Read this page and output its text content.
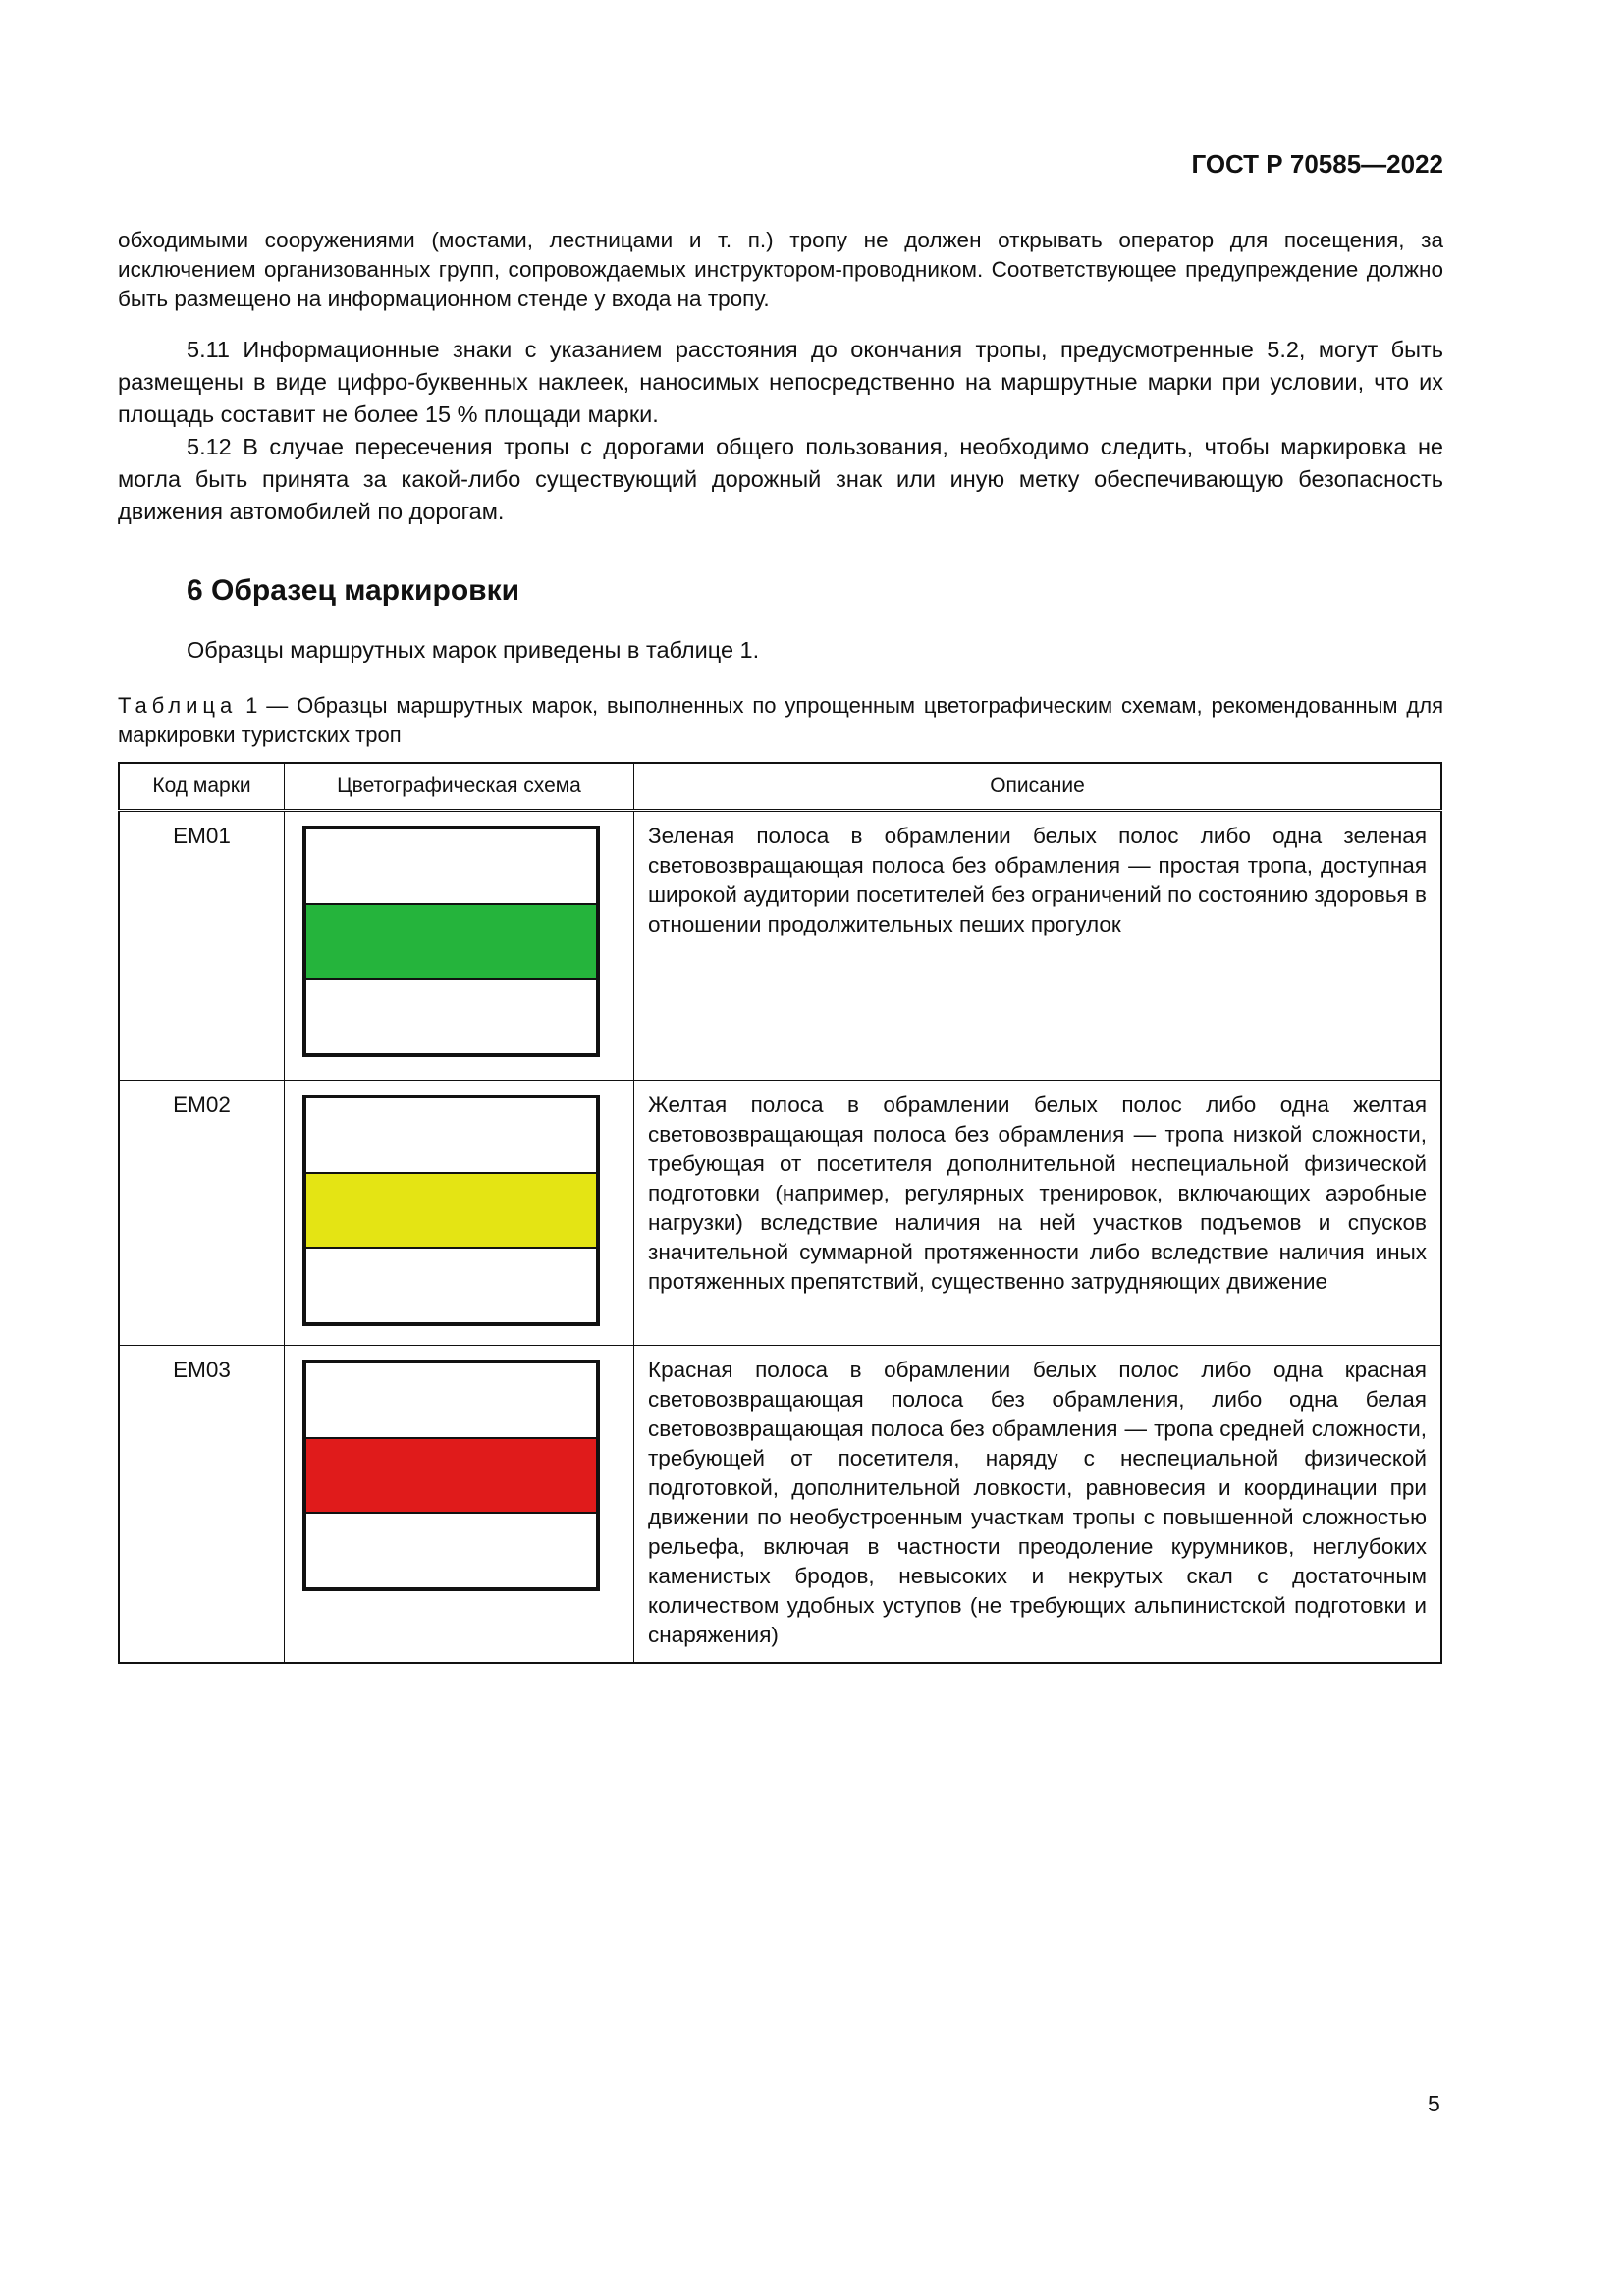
ГОСТ Р 70585—2022
обходимыми сооружениями (мостами, лестницами и т. п.) тропу не должен открывать оператор для посещения, за исключением организованных групп, сопровождаемых инструктором-проводником. Соответствующее предупреждение должно быть размещено на информационном стенде у входа на тропу.
5.11 Информационные знаки с указанием расстояния до окончания тропы, предусмотренные 5.2, могут быть размещены в виде цифро-буквенных наклеек, наносимых непосредственно на маршрутные марки при условии, что их площадь составит не более 15 % площади марки.
5.12 В случае пересечения тропы с дорогами общего пользования, необходимо следить, чтобы маркировка не могла быть принята за какой-либо существующий дорожный знак или иную метку обеспечивающую безопасность движения автомобилей по дорогам.
6 Образец маркировки
Образцы маршрутных марок приведены в таблице 1.
Таблица 1 — Образцы маршрутных марок, выполненных по упрощенным цветографическим схемам, рекомендованным для маркировки туристских троп
Код марки	Цветографическая схема	Описание
ЕМ01		Зеленая полоса в обрамлении белых полос либо одна зеленая световозвращающая полоса без обрамления — простая тропа, доступная широкой аудитории посетителей без ограничений по состоянию здоровья в отношении продолжительных пеших прогулок
ЕМ02		Желтая полоса в обрамлении белых полос либо одна желтая световозвращающая полоса без обрамления — тропа низкой сложности, требующая от посетителя дополнительной неспециальной физической подготовки (например, регулярных тренировок, включающих аэробные нагрузки) вследствие наличия на ней участков подъемов и спусков значительной суммарной протяженности либо вследствие наличия иных протяженных препятствий, существенно затрудняющих движение
ЕМ03		Красная полоса в обрамлении белых полос либо одна красная световозвращающая полоса без обрамления, либо одна белая световозвращающая полоса без обрамления — тропа средней сложности, требующей от посетителя, наряду с неспециальной физической подготовкой, дополнительной ловкости, равновесия и координации при движении по необустроенным участкам тропы с повышенной сложностью рельефа, включая в частности преодоление курумников, неглубоких каменистых бродов, невысоких и некрутых скал с достаточным количеством удобных уступов (не требующих альпинистской подготовки и снаряжения)
5
